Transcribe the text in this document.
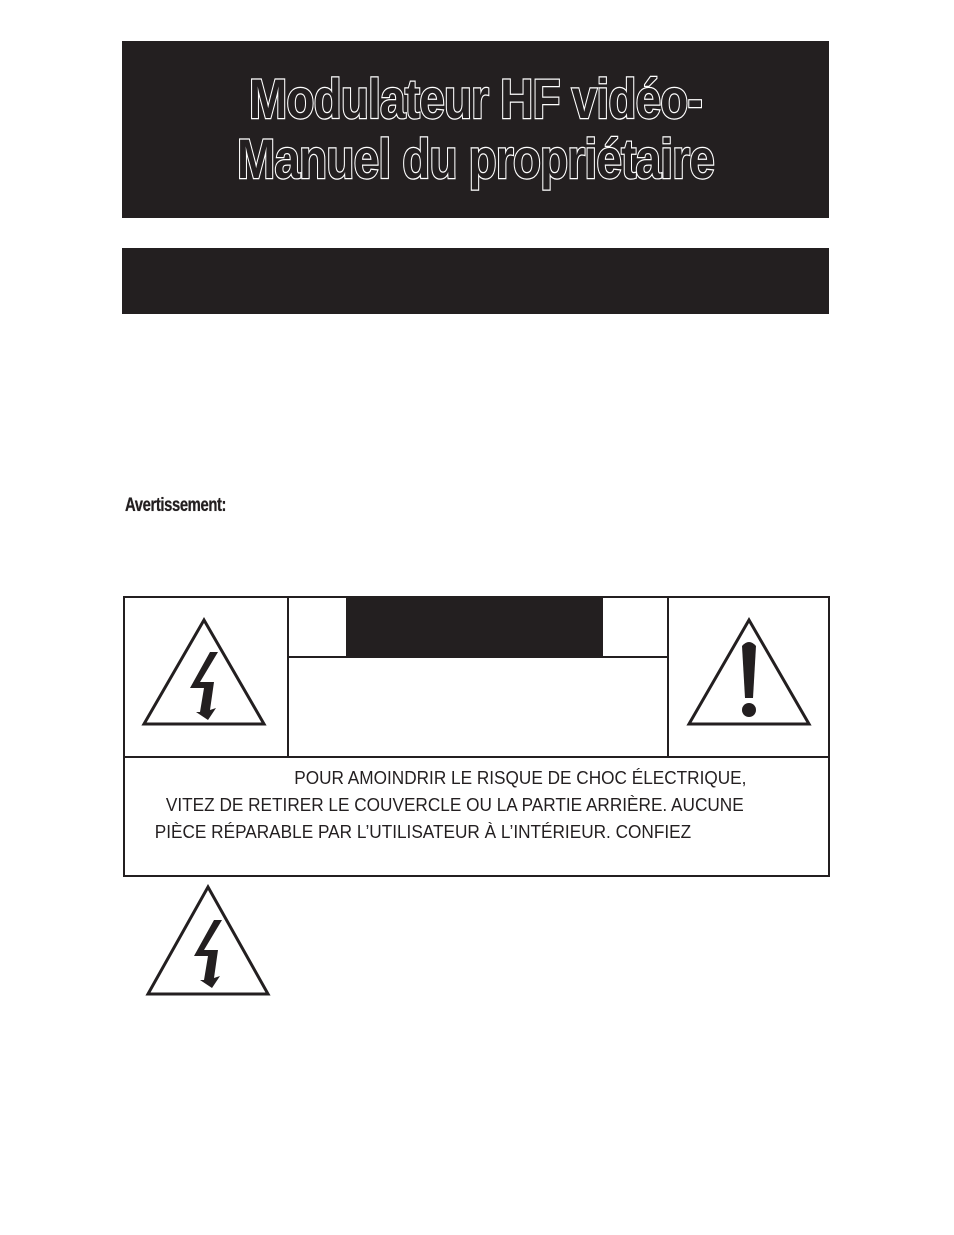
Modulateur HF vidéo-
Manuel du propriétaire
Avertissement:
POUR AMOINDRIR LE RISQUE DE CHOC ÉLECTRIQUE,
VITEZ DE RETIRER LE COUVERCLE OU LA PARTIE ARRIÈRE. AUCUNE
PIÈCE RÉPARABLE PAR L’UTILISATEUR À L’INTÉRIEUR. CONFIEZ
